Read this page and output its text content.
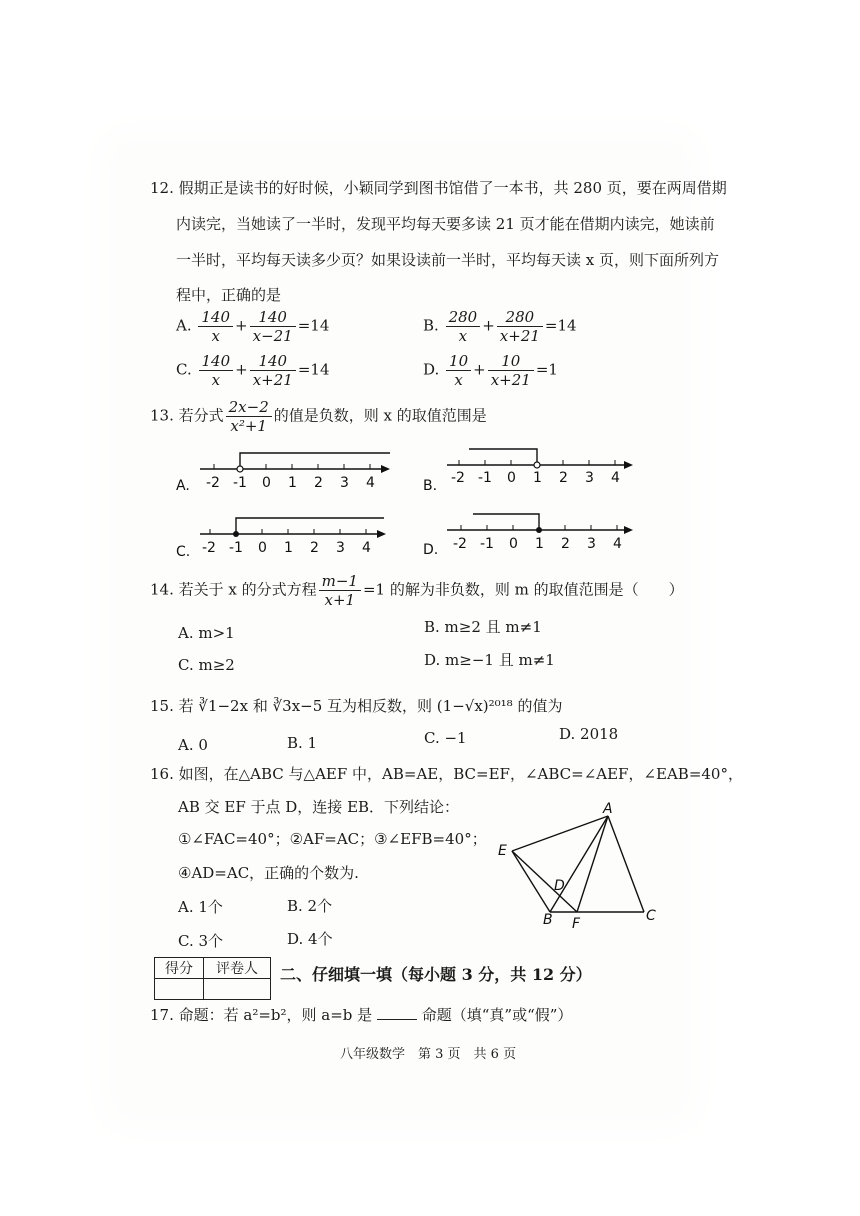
12. 假期正是读书的好时候，小颖同学到图书馆借了一本书，共 280 页，要在两周借期
内读完，当她读了一半时，发现平均每天要多读 21 页才能在借期内读完，她读前
一半时，平均每天读多少页？如果设读前一半时，平均每天读 x 页，则下面所列方
程中，正确的是
A. $\frac{140}{x} + \frac{140}{x-21} =14$	B. $\frac{280}{x} + \frac{280}{x+21} =14$
C. $\frac{140}{x} + \frac{140}{x+21} =14$	D. $\frac{10}{x} + \frac{10}{x+21} =1$
13. 若分式 $\frac{2x-2}{\text{x²+1}}$ 的值是负数，则 x 的取值范围是
A. -2 -1 0 1 2 3 4	B. -2 -1 0 1 2 3 4
C. -2 -1 0 1 2 3 4	D. -2 -1 0 1 2 3 4
14. 若关于 x 的分式方程 $\frac{m-1}{x+1} =1$ 的解为非负数，则 m 的取值范围是（　　）
A. m>1	B. m≥2 且 m≠1
C. m≥2	D. m≥−1 且 m≠1
15. 若 ∛1−2x 和 ∛3x−5 互为相反数，则 (1−√x)²⁰¹⁸ 的值为
A. 0	B. 1	C. −1	D. 2018
16. 如图，在△ABC 与△AEF 中，AB=AE，BC=EF，∠ABC=∠AEF，∠EAB=40°，
AB 交 EF 于点 D，连接 EB．下列结论：
①∠FAC=40°；②AF=AC；③∠EFB=40°；
④AD=AC，正确的个数为.
A. 1个	B. 2个
C. 3个	D. 4个
A
E
D
B F	C
得分	评卷人
	二、仔细填一填（每小题 3 分，共 12 分）
17. 命题：若 a²=b²，则 a=b 是	命题（填“真”或“假”）
八年级数学　第 3 页　共 6 页
